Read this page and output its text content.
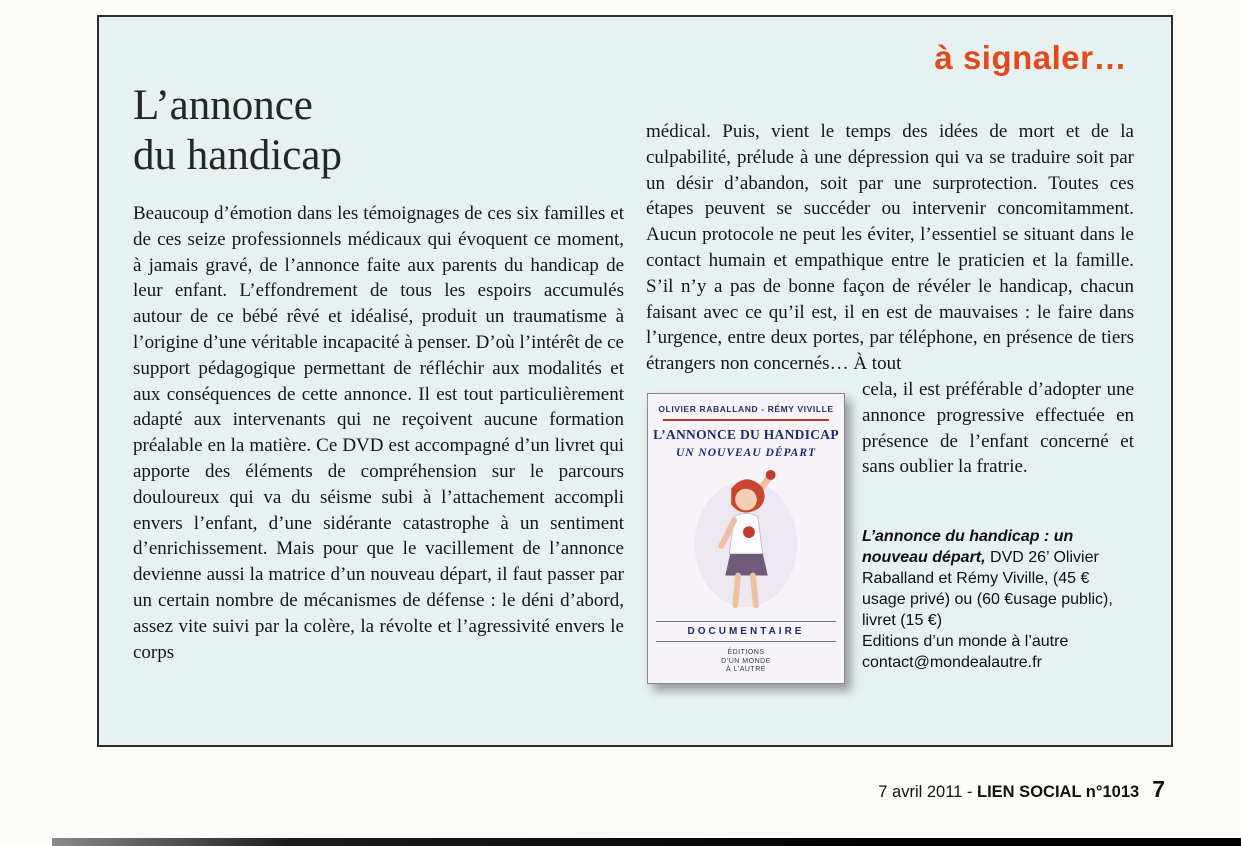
à signaler…
L’annonce
du handicap
Beaucoup d’émotion dans les témoignages de ces six familles et de ces seize professionnels médicaux qui évoquent ce moment, à jamais gravé, de l’annonce faite aux parents du handicap de leur enfant. L’effondrement de tous les espoirs accumulés autour de ce bébé rêvé et idéalisé, produit un traumatisme à l’origine d’une véritable incapacité à penser. D’où l’intérêt de ce support pédagogique permettant de réfléchir aux modalités et aux conséquences de cette annonce. Il est tout particulièrement adapté aux intervenants qui ne reçoivent aucune formation préalable en la matière. Ce DVD est accompagné d’un livret qui apporte des éléments de compréhension sur le parcours douloureux qui va du séisme subi à l’attachement accompli envers l’enfant, d’une sidérante catastrophe à un sentiment d’enrichissement. Mais pour que le vacillement de l’annonce devienne aussi la matrice d’un nouveau départ, il faut passer par un certain nombre de mécanismes de défense : le déni d’abord, assez vite suivi par la colère, la révolte et l’agressivité envers le corps
médical. Puis, vient le temps des idées de mort et de la culpabilité, prélude à une dépression qui va se traduire soit par un désir d’abandon, soit par une surprotection. Toutes ces étapes peuvent se succéder ou intervenir concomitamment. Aucun protocole ne peut les éviter, l’essentiel se situant dans le contact humain et empathique entre le praticien et la famille. S’il n’y a pas de bonne façon de révéler le handicap, chacun faisant avec ce qu’il est, il en est de mauvaises : le faire dans l’urgence, entre deux portes, par téléphone, en présence de tiers étrangers non concernés… À tout
OLIVIER RABALLAND - RÉMY VIVILLE
L’ANNONCE DU HANDICAP
UN NOUVEAU DÉPART
DOCUMENTAIRE
ÉDITIONS
D’UN MONDE
À L’AUTRE
cela, il est préférable d’adopter une annonce progressive effectuée en présence de l’enfant concerné et sans oublier la fratrie.

L’annonce du handicap : un nouveau départ, DVD 26’ Olivier Raballand et Rémy Viville, (45 € usage privé) ou (60 €usage public), livret (15 €)

Editions d’un monde à l’autre

contact@mondealautre.fr

7 avril 2011 - LIEN SOCIAL n°1013 7
